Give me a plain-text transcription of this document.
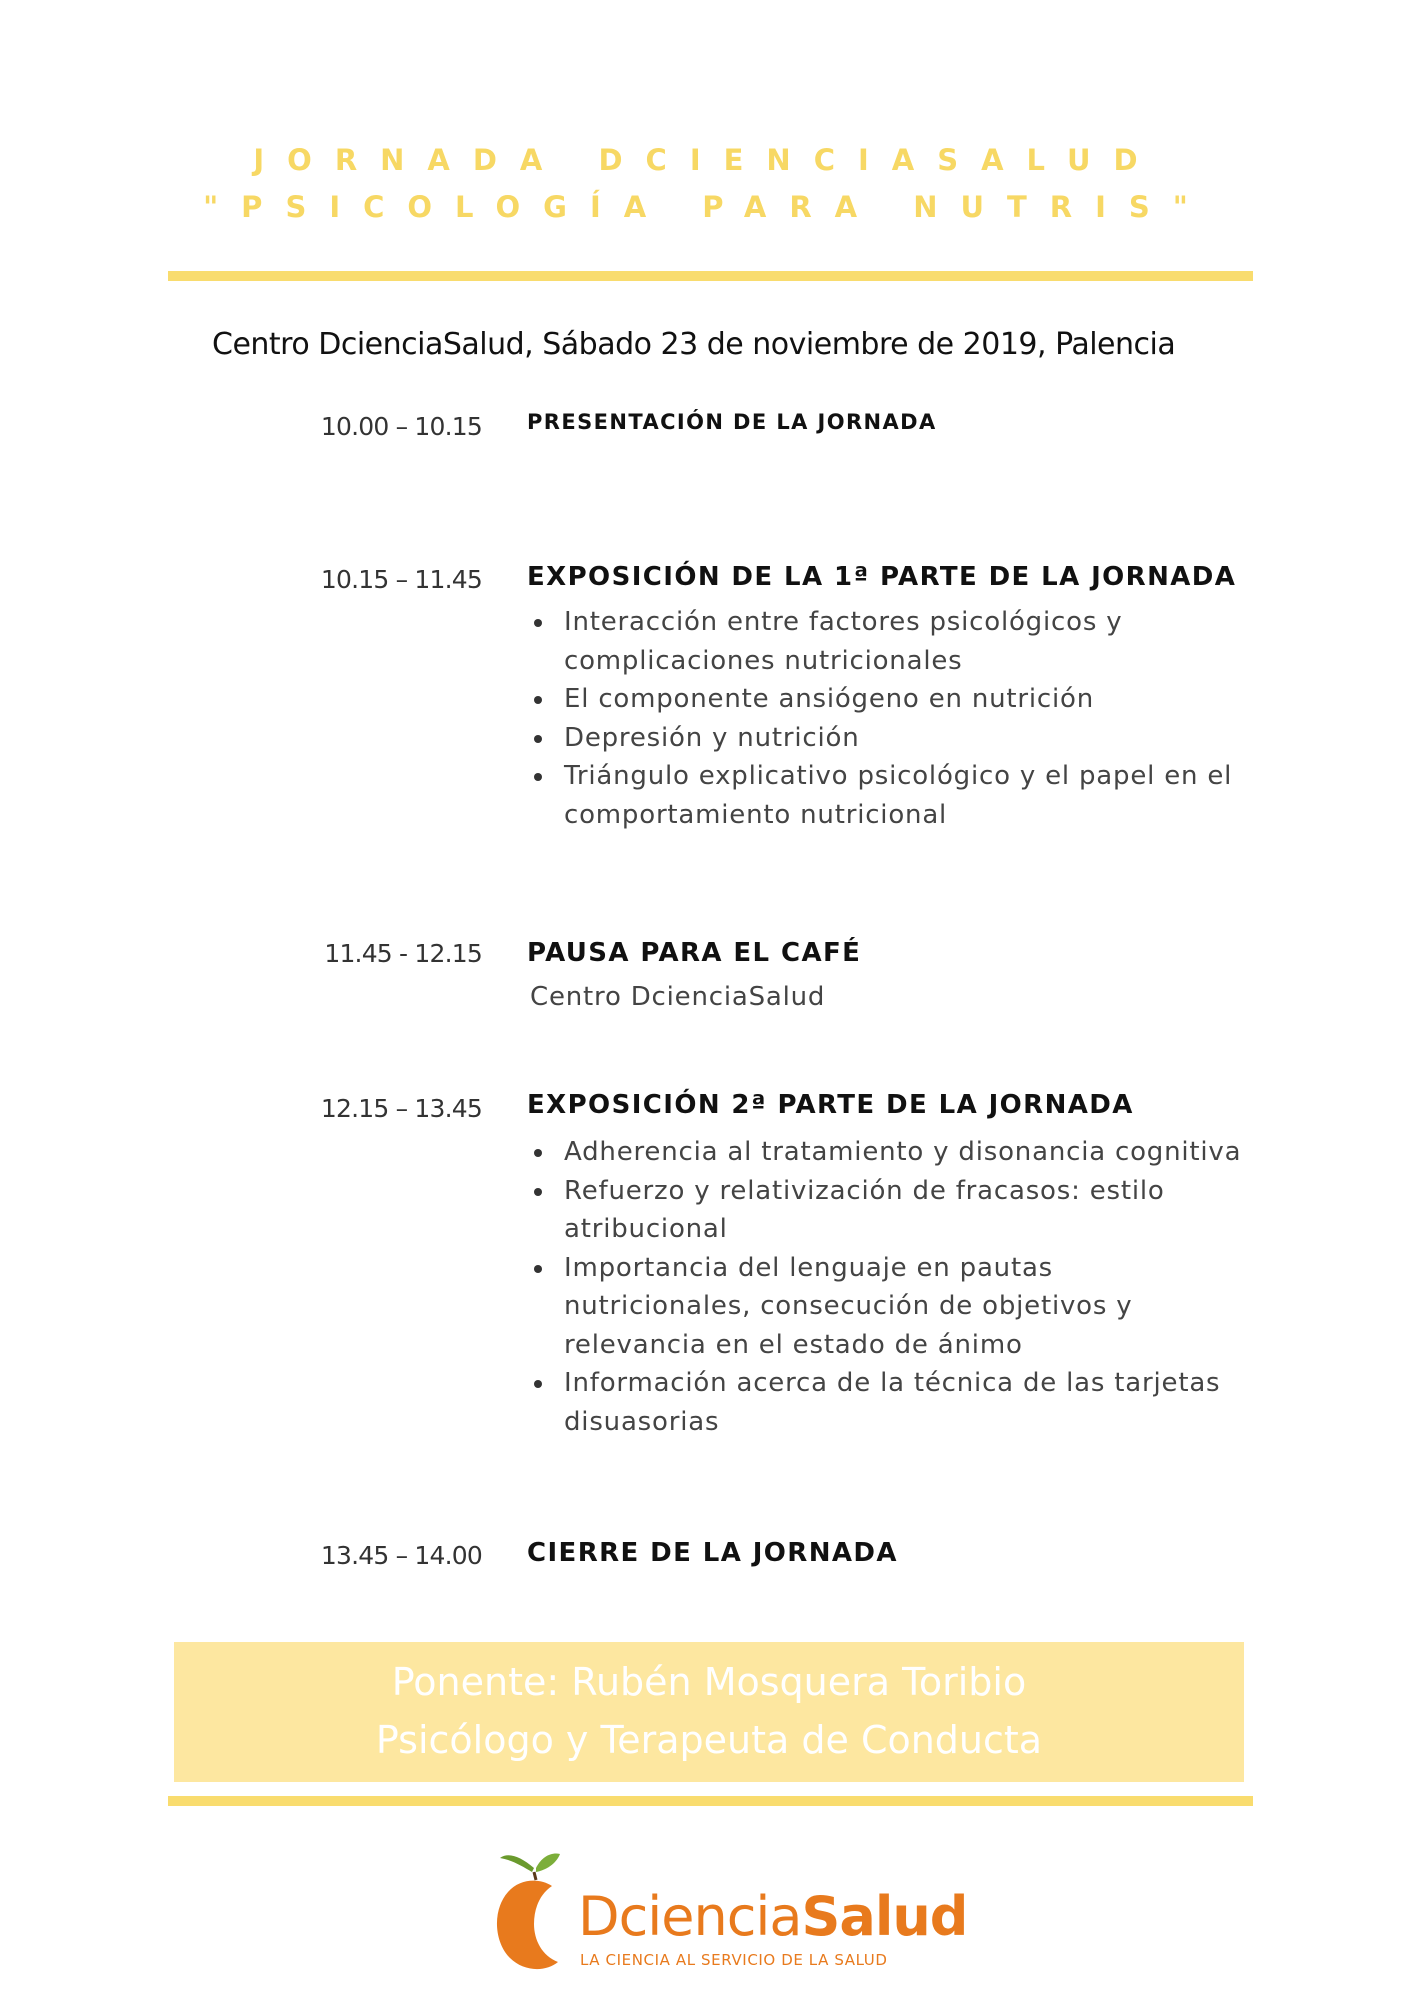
JORNADA DCIENCIASALUD
"PSICOLOGÍA PARA NUTRIS"
Centro DcienciaSalud, Sábado 23 de noviembre de 2019, Palencia
10.00 – 10.15 PRESENTACIÓN DE LA JORNADA
10.15 – 11.45 EXPOSICIÓN DE LA 1ª PARTE DE LA JORNADA
Interacción entre factores psicológicos y complicaciones nutricionales
El componente ansiógeno en nutrición
Depresión y nutrición
Triángulo explicativo psicológico y el papel en el comportamiento nutricional
11.45 - 12.15 PAUSA PARA EL CAFÉ
Centro DcienciaSalud
12.15 – 13.45 EXPOSICIÓN 2ª PARTE DE LA JORNADA
Adherencia al tratamiento y disonancia cognitiva
Refuerzo y relativización de fracasos: estilo atribucional
Importancia del lenguaje en pautas nutricionales, consecución de objetivos y relevancia en el estado de ánimo
Información acerca de la técnica de las tarjetas disuasorias
13.45 – 14.00 CIERRE DE LA JORNADA
Ponente: Rubén Mosquera Toribio
Psicólogo y Terapeuta de Conducta
DcienciaSalud
LA CIENCIA AL SERVICIO DE LA SALUD
